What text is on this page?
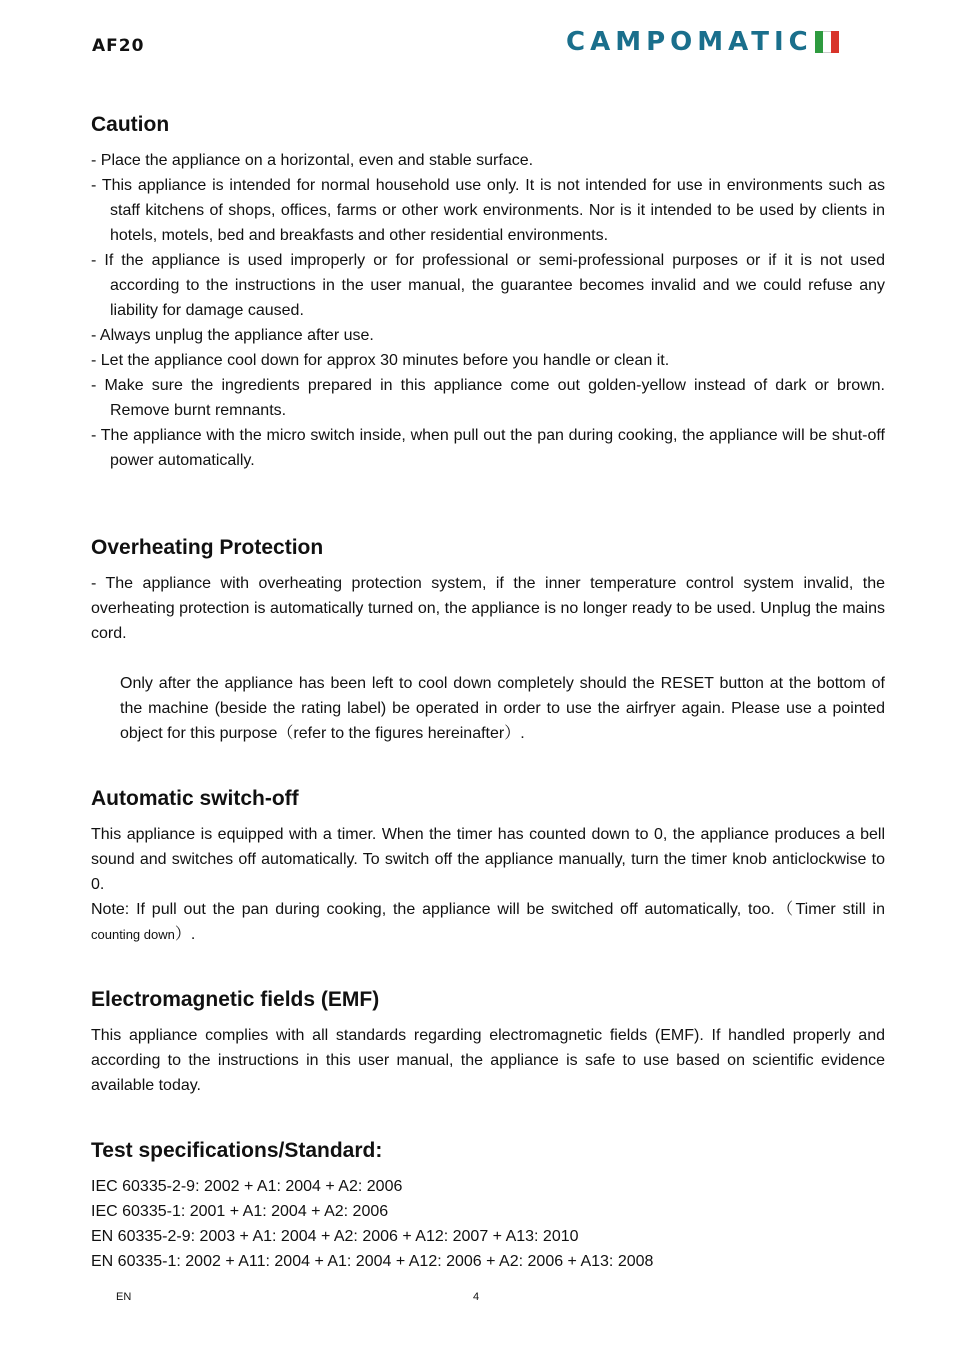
AF20	CAMPOMATIC
Caution

- Place the appliance on a horizontal, even and stable surface.

- This appliance is intended for normal household use only. It is not intended for use in environments such as staff kitchens of shops, offices, farms or other work environments. Nor is it intended to be used by clients in hotels, motels, bed and breakfasts and other residential environments.

- If the appliance is used improperly or for professional or semi-professional purposes or if it is not used according to the instructions in the user manual, the guarantee becomes invalid and we could refuse any liability for damage caused.

- Always unplug the appliance after use.

- Let the appliance cool down for approx 30 minutes before you handle or clean it.

- Make sure the ingredients prepared in this appliance come out golden-yellow instead of dark or brown. Remove burnt remnants.

- The appliance with the micro switch inside, when pull out the pan during cooking, the appliance will be shut-off power automatically.

Overheating Protection

- The appliance with overheating protection system, if the inner temperature control system invalid, the overheating protection is automatically turned on, the appliance is no longer ready to be used. Unplug the mains cord.

Only after the appliance has been left to cool down completely should the RESET button at the bottom of the machine (beside the rating label) be operated in order to use the airfryer again. Please use a pointed object for this purpose（refer to the figures hereinafter）.

Automatic switch-off

This appliance is equipped with a timer. When the timer has counted down to 0, the appliance produces a bell sound and switches off automatically. To switch off the appliance manually, turn the timer knob anticlockwise to 0.

Note: If pull out the pan during cooking, the appliance will be switched off automatically, too.（Timer still in counting down）.

Electromagnetic fields (EMF)

This appliance complies with all standards regarding electromagnetic fields (EMF). If handled properly and according to the instructions in this user manual, the appliance is safe to use based on scientific evidence available today.

Test specifications/Standard:

IEC 60335-2-9: 2002 + A1: 2004 + A2: 2006

IEC 60335-1: 2001 + A1: 2004 + A2: 2006

EN 60335-2-9: 2003 + A1: 2004 + A2: 2006 + A12: 2007 + A13: 2010

EN 60335-1: 2002 + A11: 2004 + A1: 2004 + A12: 2006 + A2: 2006 + A13: 2008

EN	4
